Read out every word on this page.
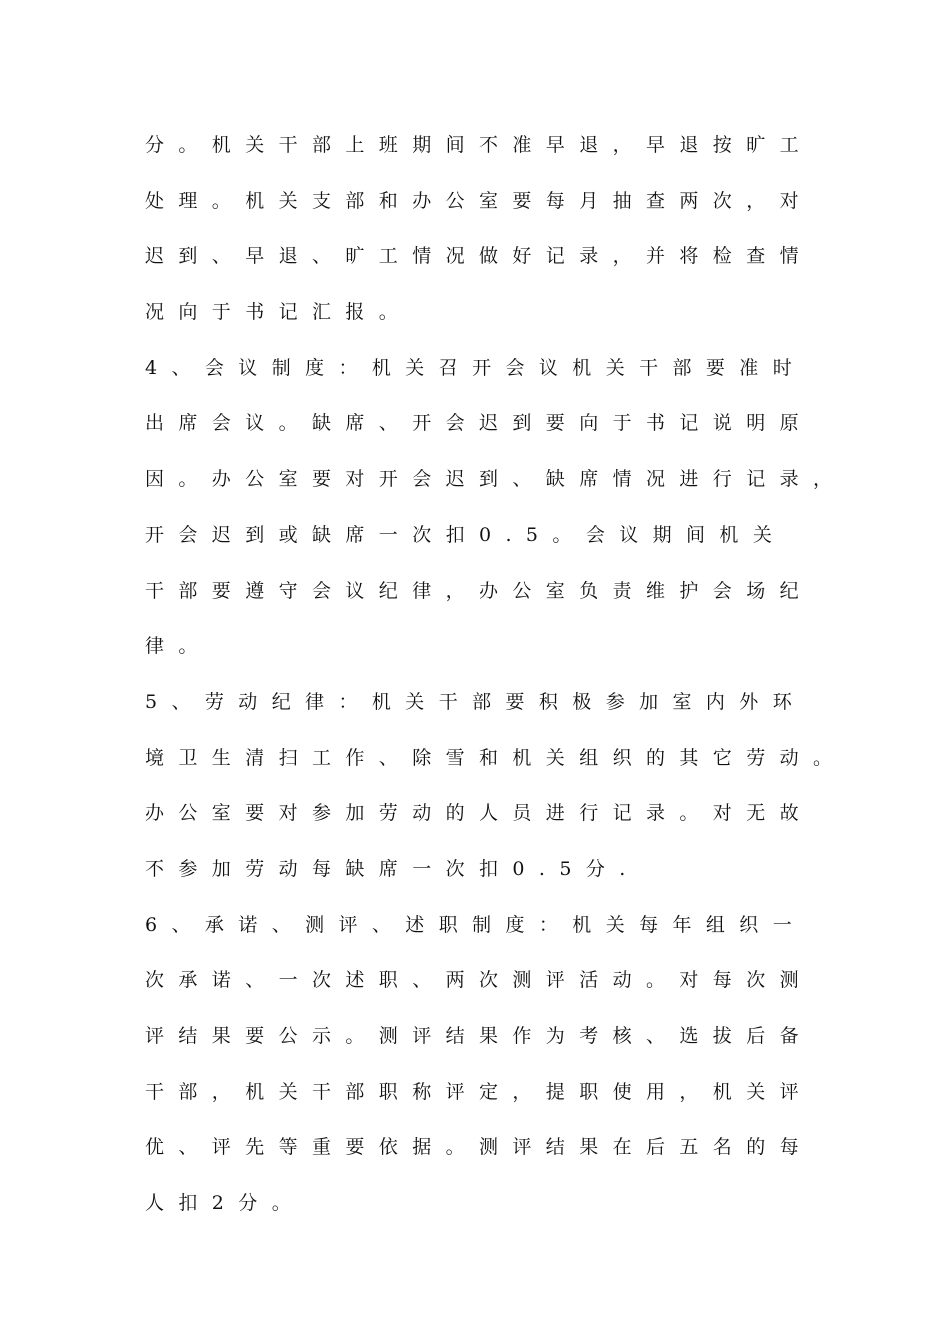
分。机关干部上班期间不准早退，早退按旷工
处理。机关支部和办公室要每月抽查两次，对
迟到、早退、旷工情况做好记录，并将检查情
况向于书记汇报。
4、会议制度：机关召开会议机关干部要准时
出席会议。缺席、开会迟到要向于书记说明原
因。办公室要对开会迟到、缺席情况进行记录，
开会迟到或缺席一次扣0.5。会议期间机关
干部要遵守会议纪律，办公室负责维护会场纪
律。
5、劳动纪律：机关干部要积极参加室内外环
境卫生清扫工作、除雪和机关组织的其它劳动。
办公室要对参加劳动的人员进行记录。对无故
不参加劳动每缺席一次扣0.5分.
6、承诺、测评、述职制度：机关每年组织一
次承诺、一次述职、两次测评活动。对每次测
评结果要公示。测评结果作为考核、选拔后备
干部，机关干部职称评定，提职使用，机关评
优、评先等重要依据。测评结果在后五名的每
人扣2分。
